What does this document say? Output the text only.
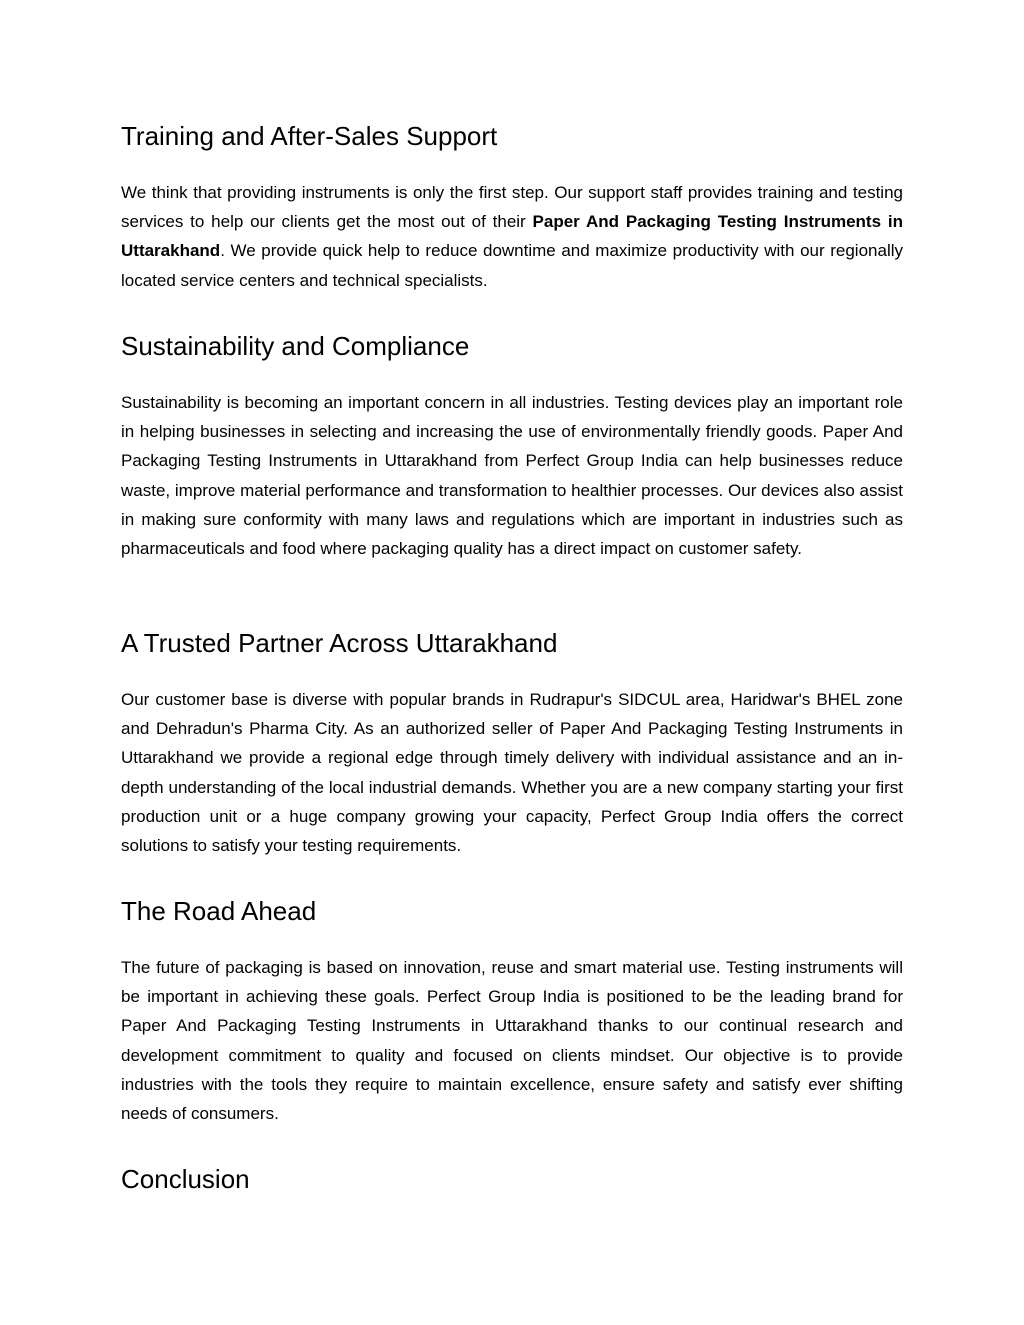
Training and After-Sales Support

We think that providing instruments is only the first step. Our support staff provides training and testing services to help our clients get the most out of their Paper And Packaging Testing Instruments in Uttarakhand. We provide quick help to reduce downtime and maximize productivity with our regionally located service centers and technical specialists.

Sustainability and Compliance

Sustainability is becoming an important concern in all industries. Testing devices play an important role in helping businesses in selecting and increasing the use of environmentally friendly goods. Paper And Packaging Testing Instruments in Uttarakhand from Perfect Group India can help businesses reduce waste, improve material performance and transformation to healthier processes. Our devices also assist in making sure conformity with many laws and regulations which are important in industries such as pharmaceuticals and food where packaging quality has a direct impact on customer safety.

A Trusted Partner Across Uttarakhand

Our customer base is diverse with popular brands in Rudrapur's SIDCUL area, Haridwar's BHEL zone and Dehradun's Pharma City. As an authorized seller of Paper And Packaging Testing Instruments in Uttarakhand we provide a regional edge through timely delivery with individual assistance and an in-depth understanding of the local industrial demands. Whether you are a new company starting your first production unit or a huge company growing your capacity, Perfect Group India offers the correct solutions to satisfy your testing requirements.

The Road Ahead

The future of packaging is based on innovation, reuse and smart material use. Testing instruments will be important in achieving these goals. Perfect Group India is positioned to be the leading brand for Paper And Packaging Testing Instruments in Uttarakhand thanks to our continual research and development commitment to quality and focused on clients mindset. Our objective is to provide industries with the tools they require to maintain excellence, ensure safety and satisfy ever shifting needs of consumers.

Conclusion
